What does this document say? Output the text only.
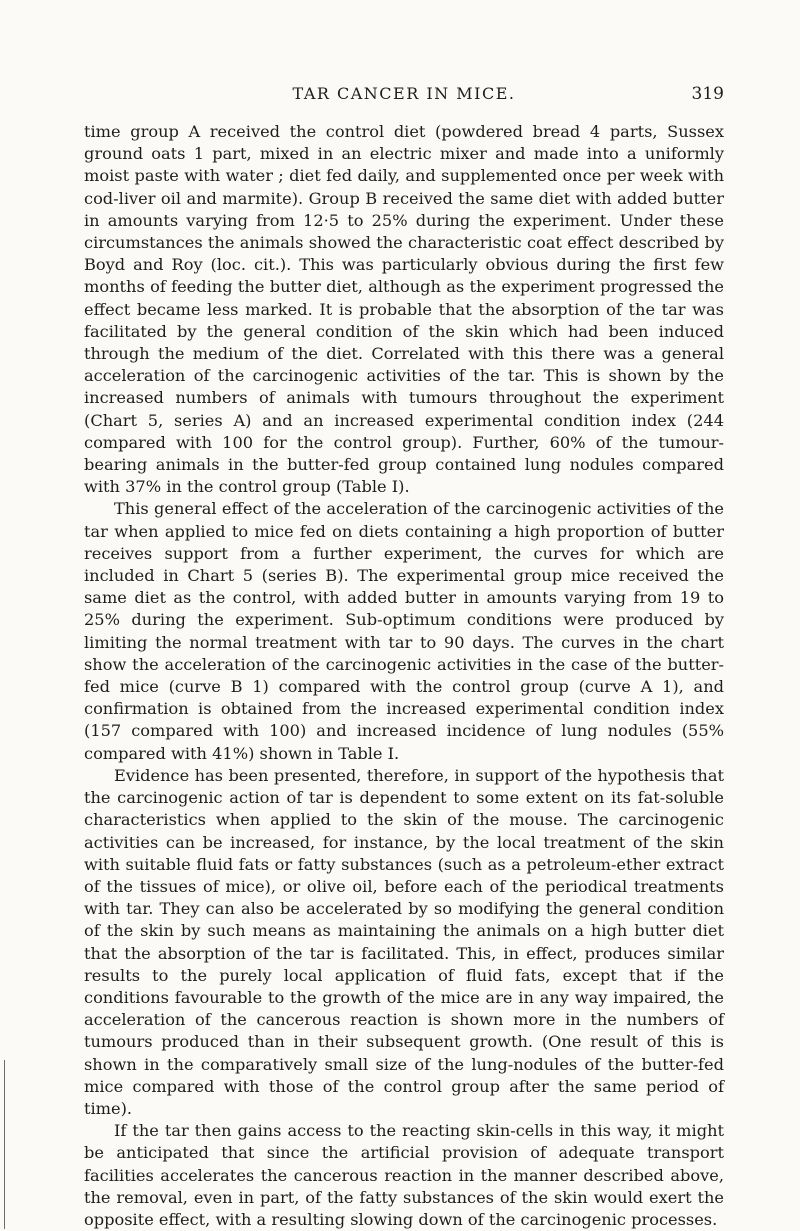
TAR CANCER IN MICE.	319

time group A received the control diet (powdered bread 4 parts, Sussex ground oats 1 part, mixed in an electric mixer and made into a uniformly moist paste with water ; diet fed daily, and supplemented once per week with cod-liver oil and marmite). Group B received the same diet with added butter in amounts varying from 12·5 to 25% during the experiment. Under these circumstances the animals showed the characteristic coat effect described by Boyd and Roy (loc. cit.). This was particularly obvious during the first few months of feeding the butter diet, although as the experiment progressed the effect became less marked. It is probable that the absorption of the tar was facilitated by the general condition of the skin which had been induced through the medium of the diet. Correlated with this there was a general acceleration of the carcinogenic activities of the tar. This is shown by the increased numbers of animals with tumours throughout the experiment (Chart 5, series A) and an increased experimental condition index (244 compared with 100 for the control group). Further, 60% of the tumour-bearing animals in the butter-fed group contained lung nodules compared with 37% in the control group (Table I).

This general effect of the acceleration of the carcinogenic activities of the tar when applied to mice fed on diets containing a high proportion of butter receives support from a further experiment, the curves for which are included in Chart 5 (series B). The experimental group mice received the same diet as the control, with added butter in amounts varying from 19 to 25% during the experiment. Sub-optimum conditions were produced by limiting the normal treatment with tar to 90 days. The curves in the chart show the acceleration of the carcinogenic activities in the case of the butter-fed mice (curve B 1) compared with the control group (curve A 1), and confirmation is obtained from the increased experimental condition index (157 compared with 100) and increased incidence of lung nodules (55% compared with 41%) shown in Table I.

Evidence has been presented, therefore, in support of the hypothesis that the carcinogenic action of tar is dependent to some extent on its fat-soluble characteristics when applied to the skin of the mouse. The carcinogenic activities can be increased, for instance, by the local treatment of the skin with suitable fluid fats or fatty substances (such as a petroleum-ether extract of the tissues of mice), or olive oil, before each of the periodical treatments with tar. They can also be accelerated by so modifying the general condition of the skin by such means as maintaining the animals on a high butter diet that the absorption of the tar is facilitated. This, in effect, produces similar results to the purely local application of fluid fats, except that if the conditions favourable to the growth of the mice are in any way impaired, the acceleration of the cancerous reaction is shown more in the numbers of tumours produced than in their subsequent growth. (One result of this is shown in the comparatively small size of the lung-nodules of the butter-fed mice compared with those of the control group after the same period of time).

If the tar then gains access to the reacting skin-cells in this way, it might be anticipated that since the artificial provision of adequate transport facilities accelerates the cancerous reaction in the manner described above, the removal, even in part, of the fatty substances of the skin would exert the opposite effect, with a resulting slowing down of the carcinogenic processes.
